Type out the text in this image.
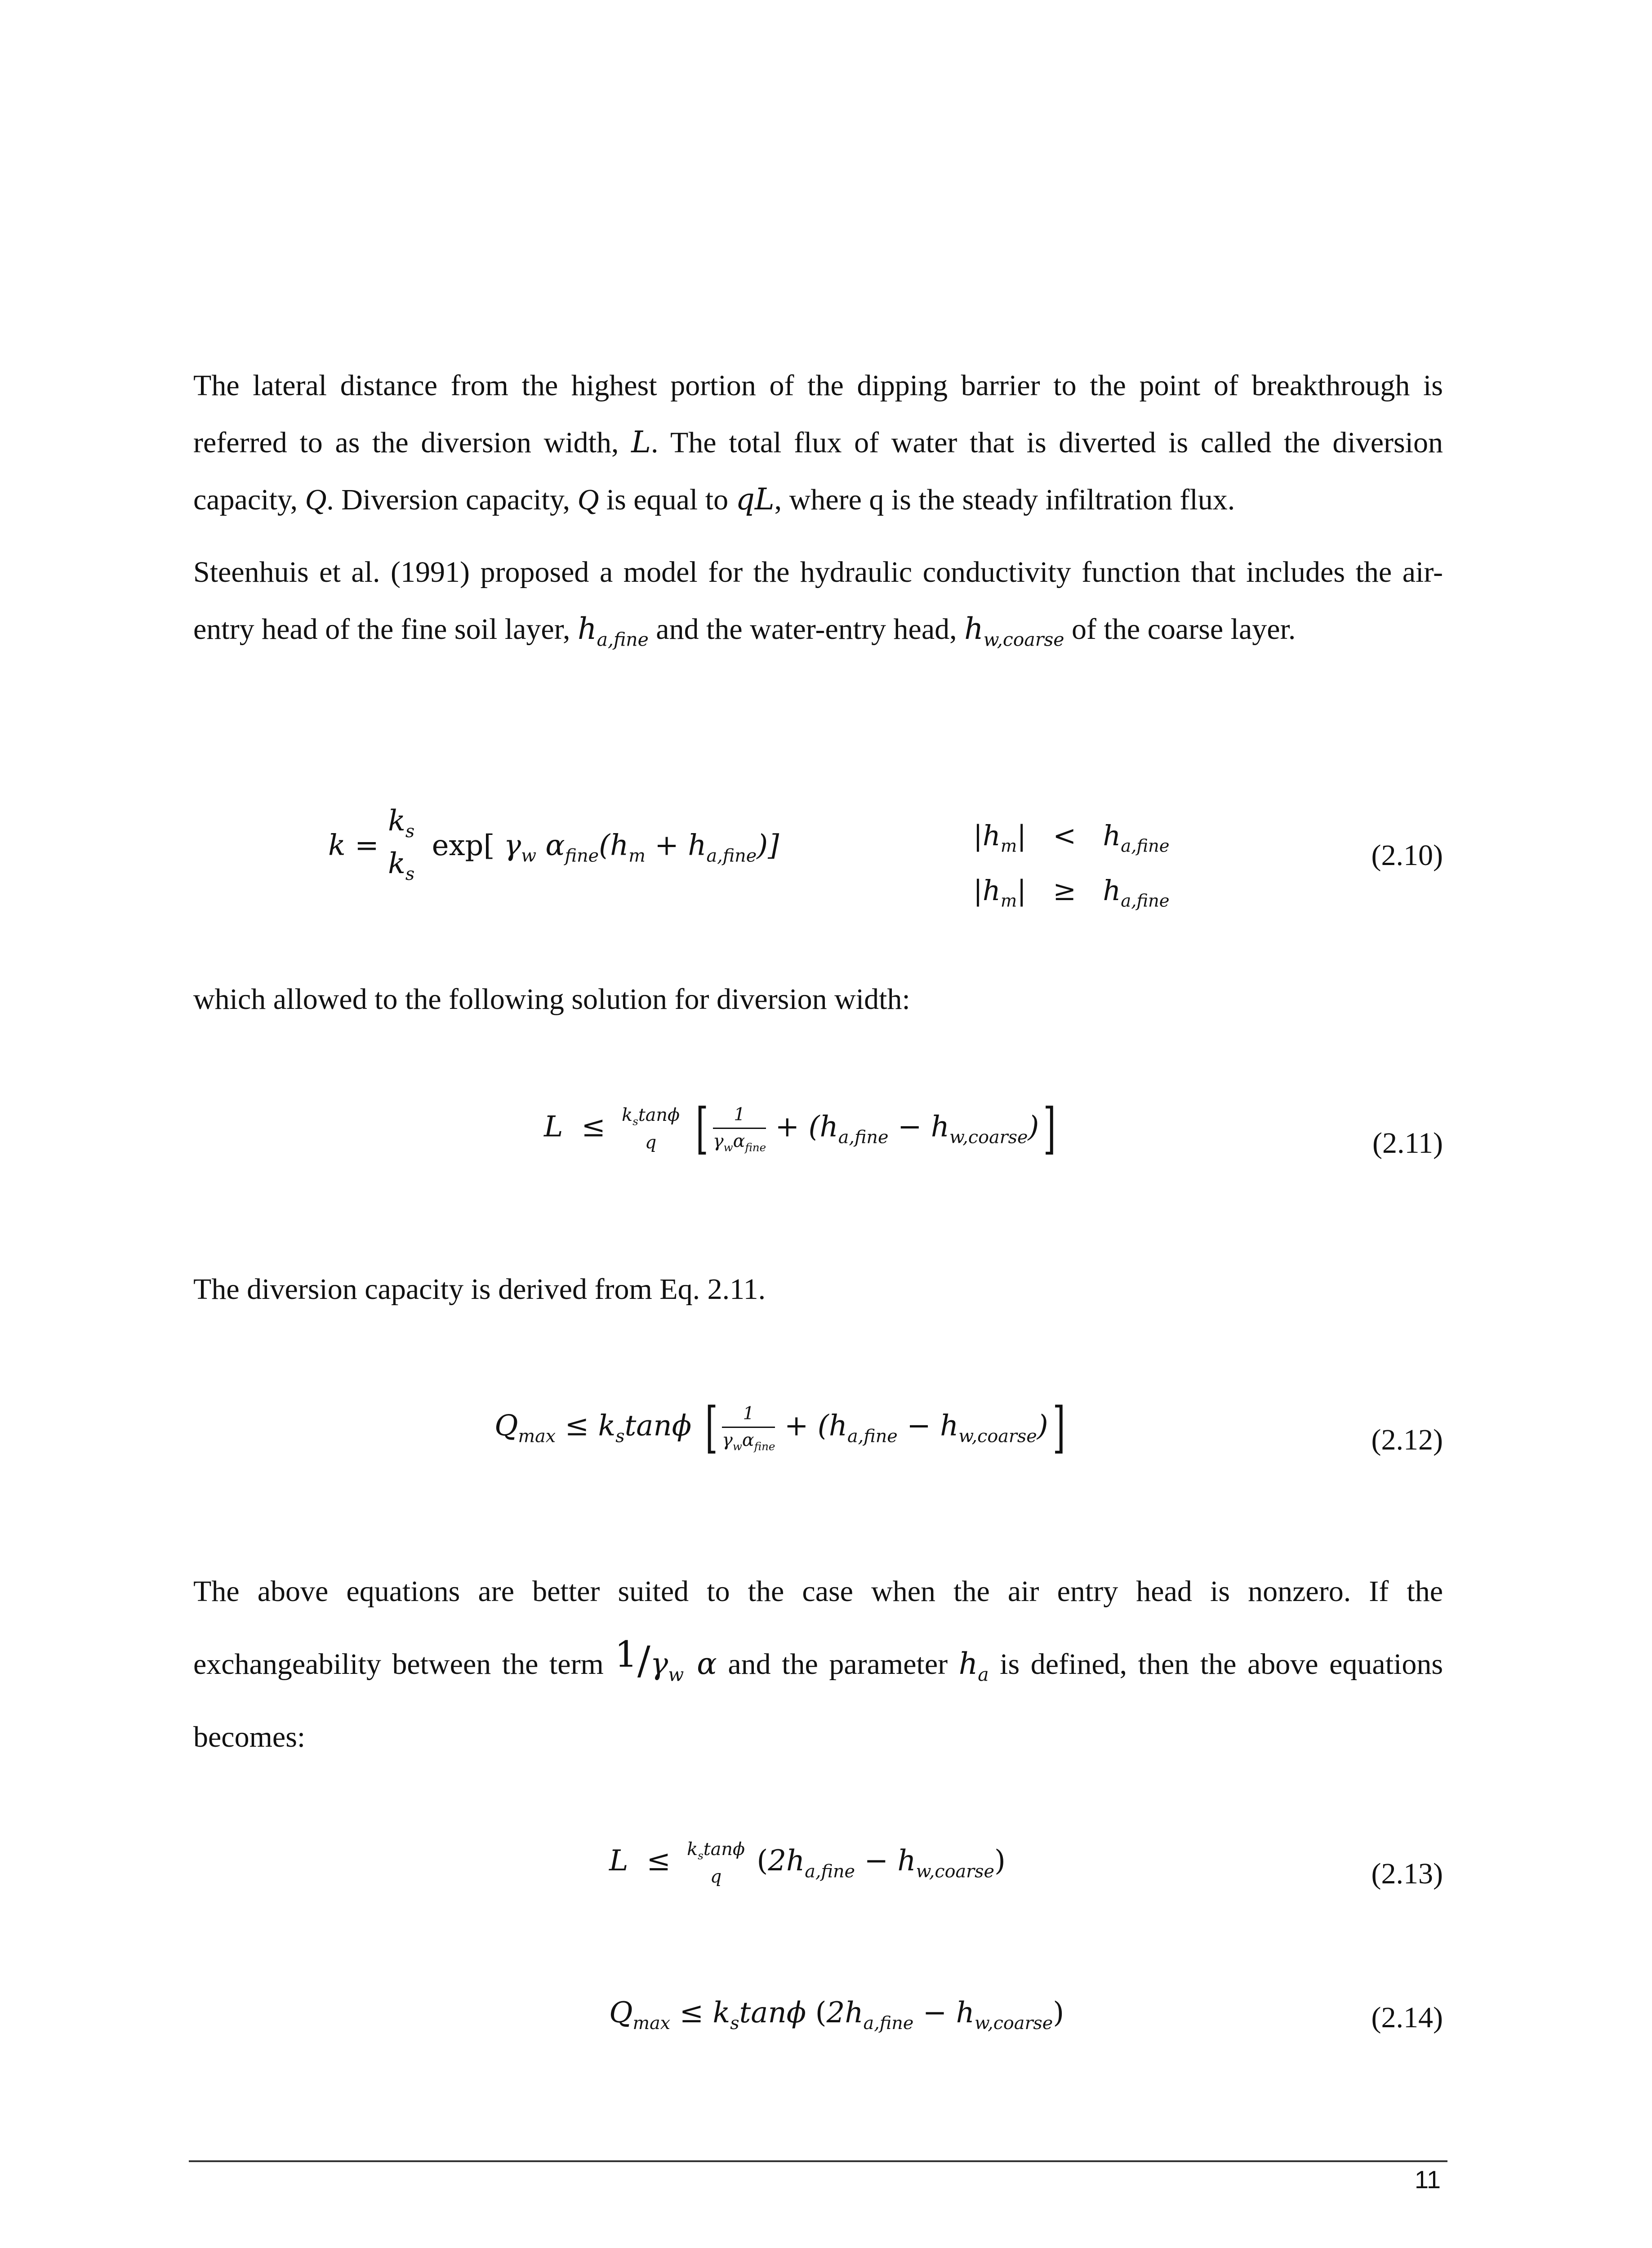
The lateral distance from the highest portion of the dipping barrier to the point of breakthrough is referred to as the diversion width, L. The total flux of water that is diverted is called the diversion capacity, Q. Diversion capacity, Q is equal to qL, where q is the steady infiltration flux.
Steenhuis et al. (1991) proposed a model for the hydraulic conductivity function that includes the air-entry head of the fine soil layer, $h_{a,fine}$ and the water-entry head, $h_{w,coarse}$ of the coarse layer.
k =
$k_s$
$k_s$
exp[ $\gamma_w$ $\alpha_{fine}(h_m + h_{a,fine})$]	$|h_m| < h_{a,fine}$
$|h_m| \ge h_{a,fine}$
(2.10)
which allowed to the following solution for diversion width:
$L \le k_s\tan\phi$
q [ $\frac{1}{\gamma_w\alpha_{fine}} + (h_{a,fine} - h_{w,coarse})$]	(2.11)
The diversion capacity is derived from Eq. 2.11.
$Q_{max} \le k_s\tan\phi$ [ $\frac{1}{\gamma_w\alpha_{fine}} + (h_{a,fine} - h_{w,coarse})$]	(2.12)
The above equations are better suited to the case when the air entry head is nonzero. If the exchangeability between the term $1/\gamma_w$ α and the parameter $h_a$ is defined, then the above equations becomes:
$L \le k_s\tan\phi$
q	$(2h_{a,fine} - h_{w,coarse})$	(2.13)
$Q_{max} \le k_s\tan\phi$ $(2h_{a,fine} - h_{w,coarse})$	(2.14)
11
